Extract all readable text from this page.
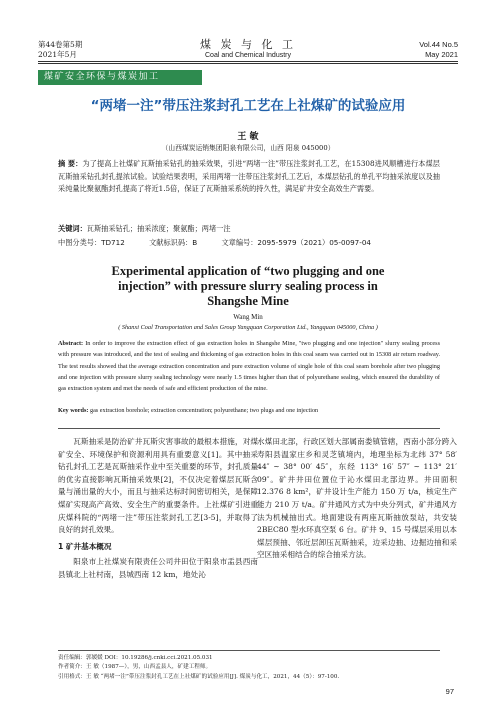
第44卷第5期
2021年5月
煤 炭 与 化 工
Coal and Chemical Industry
Vol.44 No.5
May 2021
煤矿安全环保与煤炭加工
“两堵一注”带压注浆封孔工艺在上社煤矿的试验应用
王 敏
（山西煤炭运销集团阳泉有限公司，山西 阳泉 045000）
摘 要：为了提高上社煤矿瓦斯抽采钻孔的抽采效果，引进“两堵一注”带压注浆封孔工艺，在15308进风顺槽进行本煤层瓦斯抽采钻孔封孔提浓试验。试验结果表明，采用两堵一注带压注浆封孔工艺后，本煤层钻孔的单孔平均抽采浓度以及抽采纯量比聚氨酯封孔提高了将近1.5倍，保证了瓦斯抽采系统的持久性，满足矿井安全高效生产需要。
关键词：瓦斯抽采钻孔；抽采浓度；聚氨酯；两堵一注
中图分类号：TD712	文献标识码：B	文章编号：2095-5979（2021）05-0097-04
Experimental application of “two plugging and one injection” with pressure slurry sealing process in Shangshe Mine
Wang Min
( Shanxi Coal Transportation and Sales Group Yangquan Corporation Ltd., Yangquan 045000, China )
Abstract: In order to improve the extraction effect of gas extraction holes in Shangshe Mine, "two plugging and one injection" slurry sealing process with pressure was introduced, and the test of sealing and thickening of gas extraction holes in this coal seam was carried out in 15308 air return roadway. The test results showed that the average extraction concentration and pure extraction volume of single hole of this coal seam borehole after two plugging and one injection with pressure slurry sealing technology were nearly 1.5 times higher than that of polyurethane sealing, which ensured the durability of gas extraction system and met the needs of safe and efficient production of the mine.
Key words: gas extraction borehole; extraction concentration; polyurethane; two plugs and one injection

瓦斯抽采是防治矿井瓦斯灾害事故的最根本措施，对煤矿安全、环境保护和资源利用具有重要意义[1]。其中抽采钻孔封孔工艺是瓦斯抽采作业中至关重要的环节，封孔质量的优劣直接影响瓦斯抽采效果[2]，不仅决定着煤层瓦斯含量与涌出量的大小，而且与抽采达标时间密切相关，是保障煤矿实现高产高效、安全生产的重要条件。上社煤矿引进重庆煤科院的“两堵一注”带压注浆封孔工艺[3-5]，并取得了良好的封孔效果。

1 矿井基本概况

阳泉市上社煤炭有限责任公司井田位于阳泉市盂县西南县镇北上社村南，县城西南 12 km，地处沁

水煤田北部，行政区划大部属南娄镇管辖，西南小部分跨入寿阳县温家庄乡和灵芝镇境内，地理坐标为北纬 37° 58′ 44″ ~ 38° 00′ 45″，东经 113° 16′ 57″ ~ 113° 21′ 09″。矿井井田位置位于沁水煤田北部边界。井田面积 12.376 8 km²，矿井设计生产能力 150 万 t/a，核定生产能力 210 万 t/a。矿井通风方式为中央分列式，矿井通风方法为机械抽出式。地面建设有两座瓦斯抽放泵站，共安装 2BEC80 型水环真空泵 6 台。矿井 9、15 号煤层采用以本煤层预抽、邻近层卸压瓦斯抽采，边采边抽、边掘边抽和采空区抽采相结合的综合抽采方法。

责任编辑：郭媛媛 DOI：10.19286/j.cnki.cci.2021.05.031
作者简介：王 敏（1987—），男，山西孟县人，矿建工程师。
引用格式：王 敏 “两堵一注”带压注浆封孔工艺在上社煤矿的试验应用[J]. 煤炭与化工，2021，44（5）：97-100.
97
